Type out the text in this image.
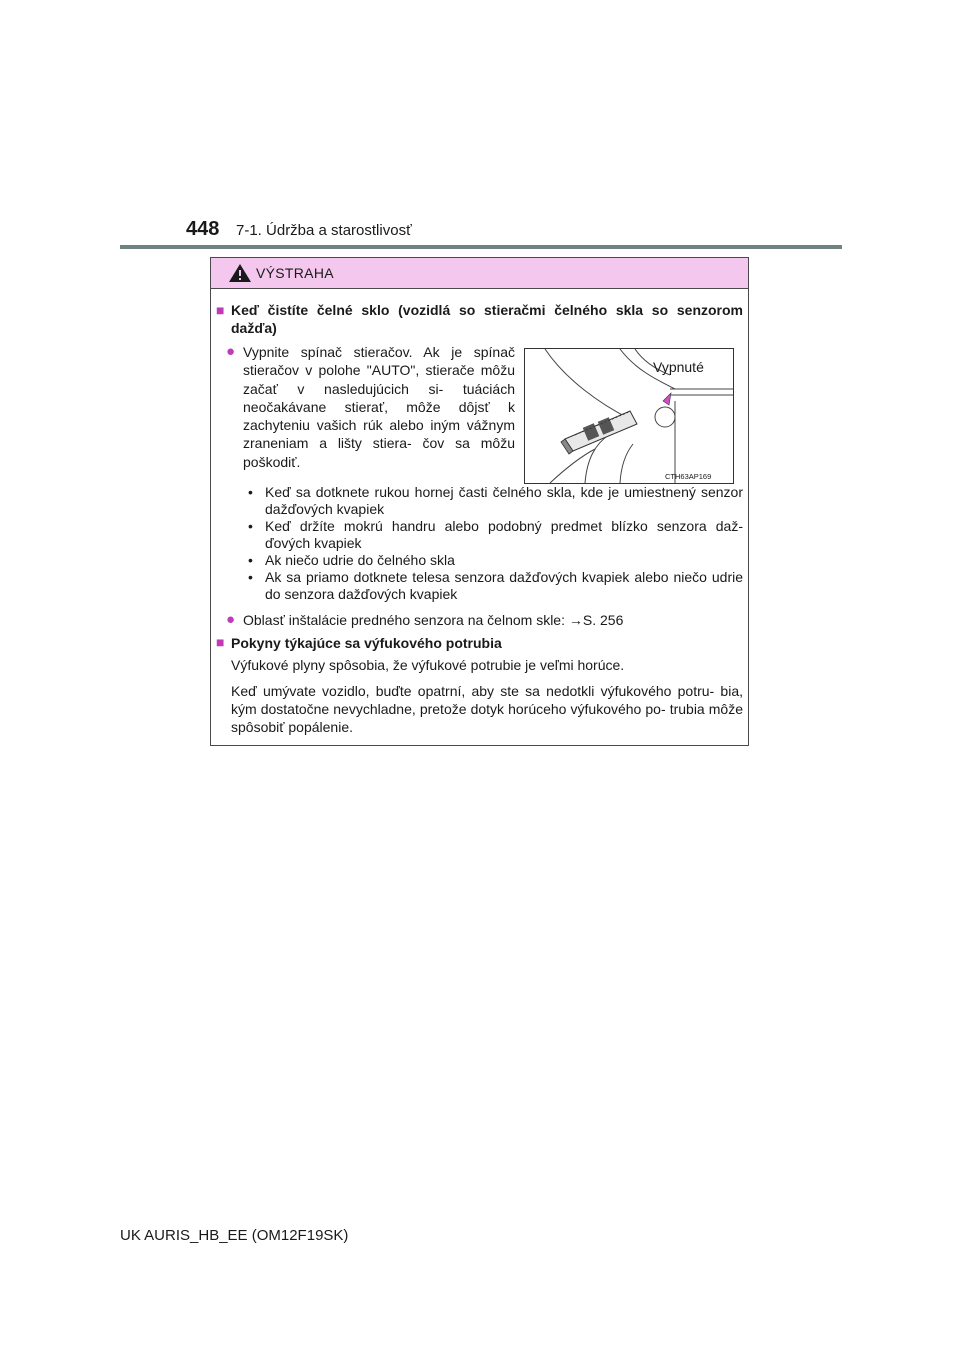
448 7-1. Údržba a starostlivosť
VÝSTRAHA
■ Keď čistíte čelné sklo (vozidlá so stieračmi čelného skla so senzorom dažďa)
● Vypnite spínač stieračov. Ak je spínač stieračov v polohe "AUTO", stierače môžu začať v nasledujúcich si- tuáciách neočakávane stierať, môže dôjsť k zachyteniu vašich rúk alebo iným vážnym zraneniam a lišty stiera- čov sa môžu poškodiť.
Vypnuté
CTH63AP169
• Keď sa dotknete rukou hornej časti čelného skla, kde je umiestnený senzor dažďových kvapiek
• Keď držíte mokrú handru alebo podobný predmet blízko senzora daž- ďových kvapiek
• Ak niečo udrie do čelného skla
• Ak sa priamo dotknete telesa senzora dažďových kvapiek alebo niečo udrie do senzora dažďových kvapiek
● Oblasť inštalácie predného senzora na čelnom skle: →S. 256
■ Pokyny týkajúce sa výfukového potrubia
Výfukové plyny spôsobia, že výfukové potrubie je veľmi horúce.
Keď umývate vozidlo, buďte opatrní, aby ste sa nedotkli výfukového potru- bia, kým dostatočne nevychladne, pretože dotyk horúceho výfukového po- trubia môže spôsobiť popálenie.
UK AURIS_HB_EE (OM12F19SK)
